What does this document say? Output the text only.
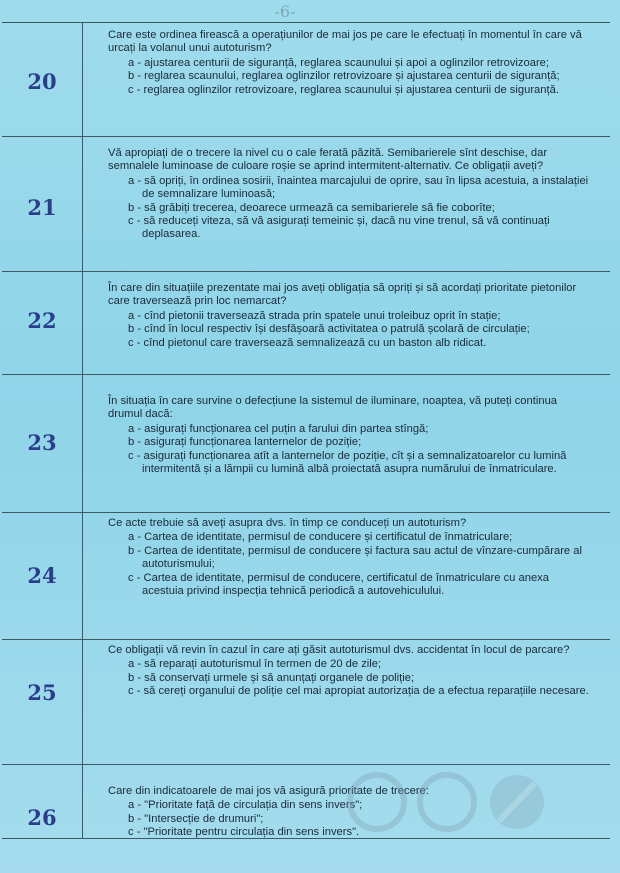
-6-
20

Care este ordinea firească a operațiunilor de mai jos pe care le efectuați în momentul în care vă urcați la volanul unui autoturism?

a - ajustarea centurii de siguranță, reglarea scaunului și apoi a oglinzilor retrovizoare;

b - reglarea scaunului, reglarea oglinzilor retrovizoare și ajustarea centurii de siguranță;

c - reglarea oglinzilor retrovizoare, reglarea scaunului și ajustarea centurii de siguranță.

21

Vă apropiați de o trecere la nivel cu o cale ferată păzită. Semibarierele sînt deschise, dar semnalele luminoase de culoare roșie se aprind intermitent-alternativ. Ce obligații aveți?

a - să opriți, în ordinea sosirii, înaintea marcajului de oprire, sau în lipsa acestuia, a instalației de semnalizare luminoasă;

b - să grăbiți trecerea, deoarece urmează ca semibarierele să fie coborîte;

c - să reduceți viteza, să vă asigurați temeinic și, dacă nu vine trenul, să vă continuați deplasarea.

22

În care din situațiile prezentate mai jos aveți obligația să opriți și să acordați prioritate pietonilor care traversează prin loc nemarcat?

a - cînd pietonii traversează strada prin spatele unui troleibuz oprit în stație;

b - cînd în locul respectiv își desfășoară activitatea o patrulă școlară de circulație;

c - cînd pietonul care traversează semnalizează cu un baston alb ridicat.

23

În situația în care survine o defecțiune la sistemul de iluminare, noaptea, vă puteți continua drumul dacă:

a - asigurați funcționarea cel puțin a farului din partea stîngă;

b - asigurați funcționarea lanternelor de poziție;

c - asigurați funcționarea atît a lanternelor de poziție, cît și a semnalizatoarelor cu lumină intermitentă și a lămpii cu lumină albă proiectată asupra numărului de înmatriculare.

24

Ce acte trebuie să aveți asupra dvs. în timp ce conduceți un autoturism?

a - Cartea de identitate, permisul de conducere și certificatul de înmatriculare;

b - Cartea de identitate, permisul de conducere și factura sau actul de vînzare-cumpărare al autoturismului;

c - Cartea de identitate, permisul de conducere, certificatul de înmatriculare cu anexa acestuia privind inspecția tehnică periodică a autovehiculului.

25

Ce obligații vă revin în cazul în care ați găsit autoturismul dvs. accidentat în locul de parcare?

a - să reparați autoturismul în termen de 20 de zile;

b - să conservați urmele și să anunțați organele de poliție;

c - să cereți organului de poliție cel mai apropiat autorizația de a efectua reparațiile necesare.

26

Care din indicatoarele de mai jos vă asigură prioritate de trecere:

a - "Prioritate față de circulația din sens invers";

b - "Intersecție de drumuri";

c - "Prioritate pentru circulația din sens invers".
